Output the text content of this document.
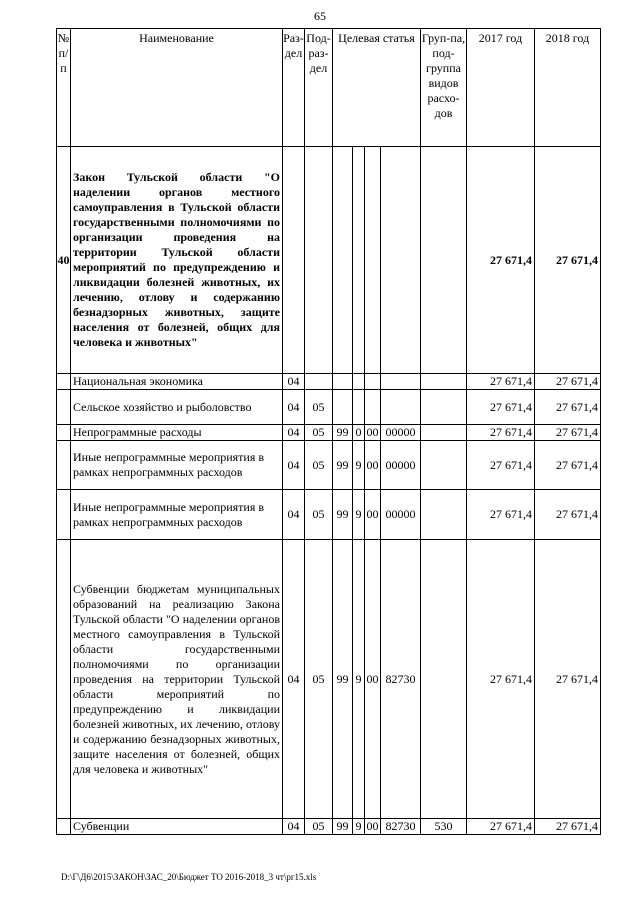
65
№ п/п	Наименование	Раз-дел	Под-раз-дел	Целевая статья				Груп-па, под-группа видов расхо-дов	2017 год	2018 год

40	Закон Тульской области "О наделении органов местного самоуправления в Тульской области государственными полномочиями по организации проведения на территории Тульской области мероприятий по предупреждению и ликвидации болезней животных, их лечению, отлову и содержанию безнадзорных животных, защите населения от болезней, общих для человека и животных"								27 671,4	27 671,4
	Национальная экономика	04							27 671,4	27 671,4
	Сельское хозяйство и рыболовство	04	05						27 671,4	27 671,4
	Непрограммные расходы	04	05	99	0	00	00000		27 671,4	27 671,4
	Иные непрограммные мероприятия в рамках непрограммных расходов	04	05	99	9	00	00000		27 671,4	27 671,4
	Иные непрограммные мероприятия в рамках непрограммных расходов	04	05	99	9	00	00000		27 671,4	27 671,4

	Субвенции бюджетам муниципальных образований на реализацию Закона Тульской области "О наделении органов местного самоуправления в Тульской области государственными полномочиями по организации проведения на территории Тульской области мероприятий по предупреждению и ликвидации болезней животных, их лечению, отлову и содержанию безнадзорных животных, защите населения от болезней, общих для человека и животных"	04	05	99	9	00	82730		27 671,4	27 671,4
	Субвенции	04	05	99	9	00	82730	530	27 671,4	27 671,4
D:\Г\Д6\2015\ЗАКОН\ЗАС_20\Бюджет ТО 2016-2018_3 чт\рг15.xls
